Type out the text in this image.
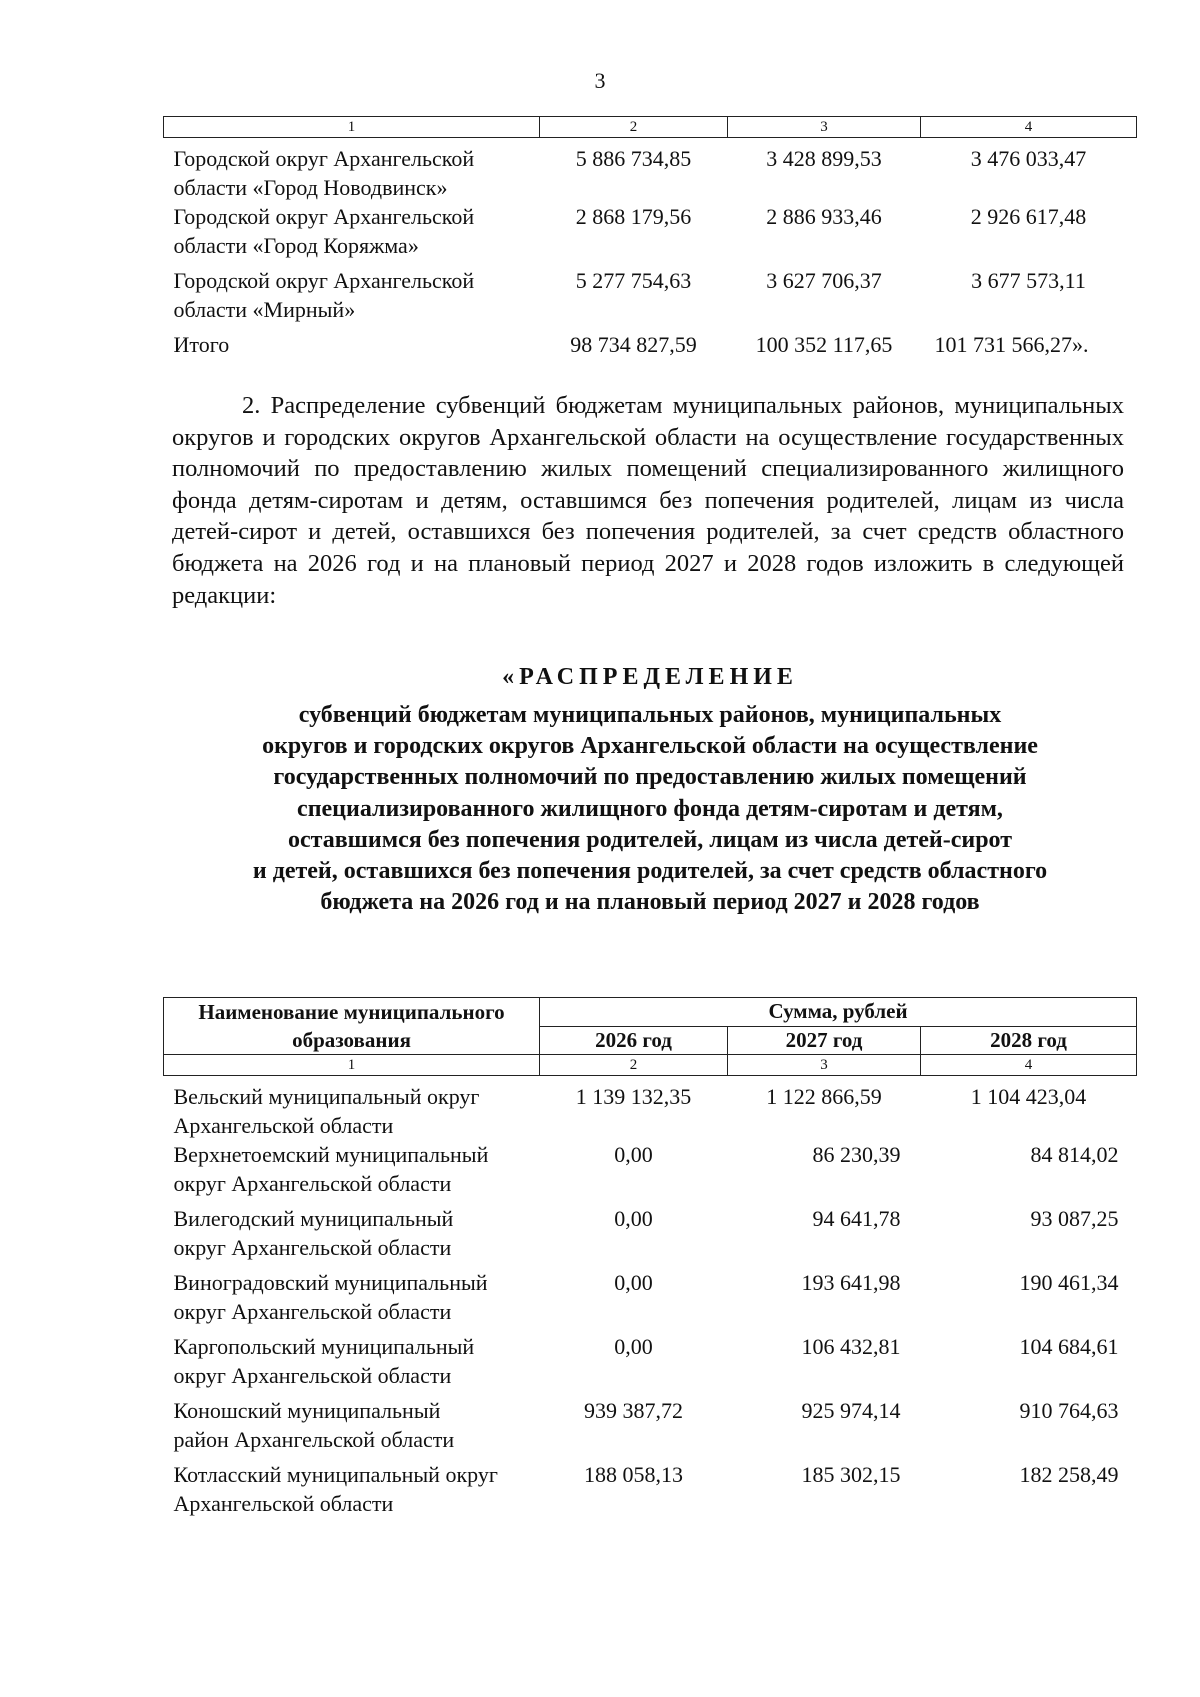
3
1	2	3	4
Городской округ Архангельской
области «Город Новодвинск»	5 886 734,85	3 428 899,53	3 476 033,47
Городской округ Архангельской
области «Город Коряжма»	2 868 179,56	2 886 933,46	2 926 617,48
Городской округ Архангельской
области «Мирный»	5 277 754,63	3 627 706,37	3 677 573,11
Итого	98 734 827,59	100 352 117,65	101 731 566,27».
2. Распределение субвенций бюджетам муниципальных районов, муниципальных округов и городских округов Архангельской области на осуществление государственных полномочий по предоставлению жилых помещений специализированного жилищного фонда детям-сиротам и детям, оставшимся без попечения родителей, лицам из числа детей-сирот и детей, оставшихся без попечения родителей, за счет средств областного бюджета на 2026 год и на плановый период 2027 и 2028 годов изложить в следующей редакции:
«РАСПРЕДЕЛЕНИЕ
субвенций бюджетам муниципальных районов, муниципальных
округов и городских округов Архангельской области на осуществление
государственных полномочий по предоставлению жилых помещений
специализированного жилищного фонда детям-сиротам и детям,
оставшимся без попечения родителей, лицам из числа детей-сирот
и детей, оставшихся без попечения родителей, за счет средств областного
бюджета на 2026 год и на плановый период 2027 и 2028 годов
Наименование муниципального
образования	Сумма, рублей		
	2026 год	2027 год	2028 год
1	2	3	4
Вельский муниципальный округ
Архангельской области	1 139 132,35	1 122 866,59	1 104 423,04
Верхнетоемский муниципальный
округ Архангельской области	0,00	86 230,39	84 814,02
Вилегодский муниципальный
округ Архангельской области	0,00	94 641,78	93 087,25
Виноградовский муниципальный
округ Архангельской области	0,00	193 641,98	190 461,34
Каргопольский муниципальный
округ Архангельской области	0,00	106 432,81	104 684,61
Коношский муниципальный
район Архангельской области	939 387,72	925 974,14	910 764,63
Котласский муниципальный округ
Архангельской области	188 058,13	185 302,15	182 258,49
